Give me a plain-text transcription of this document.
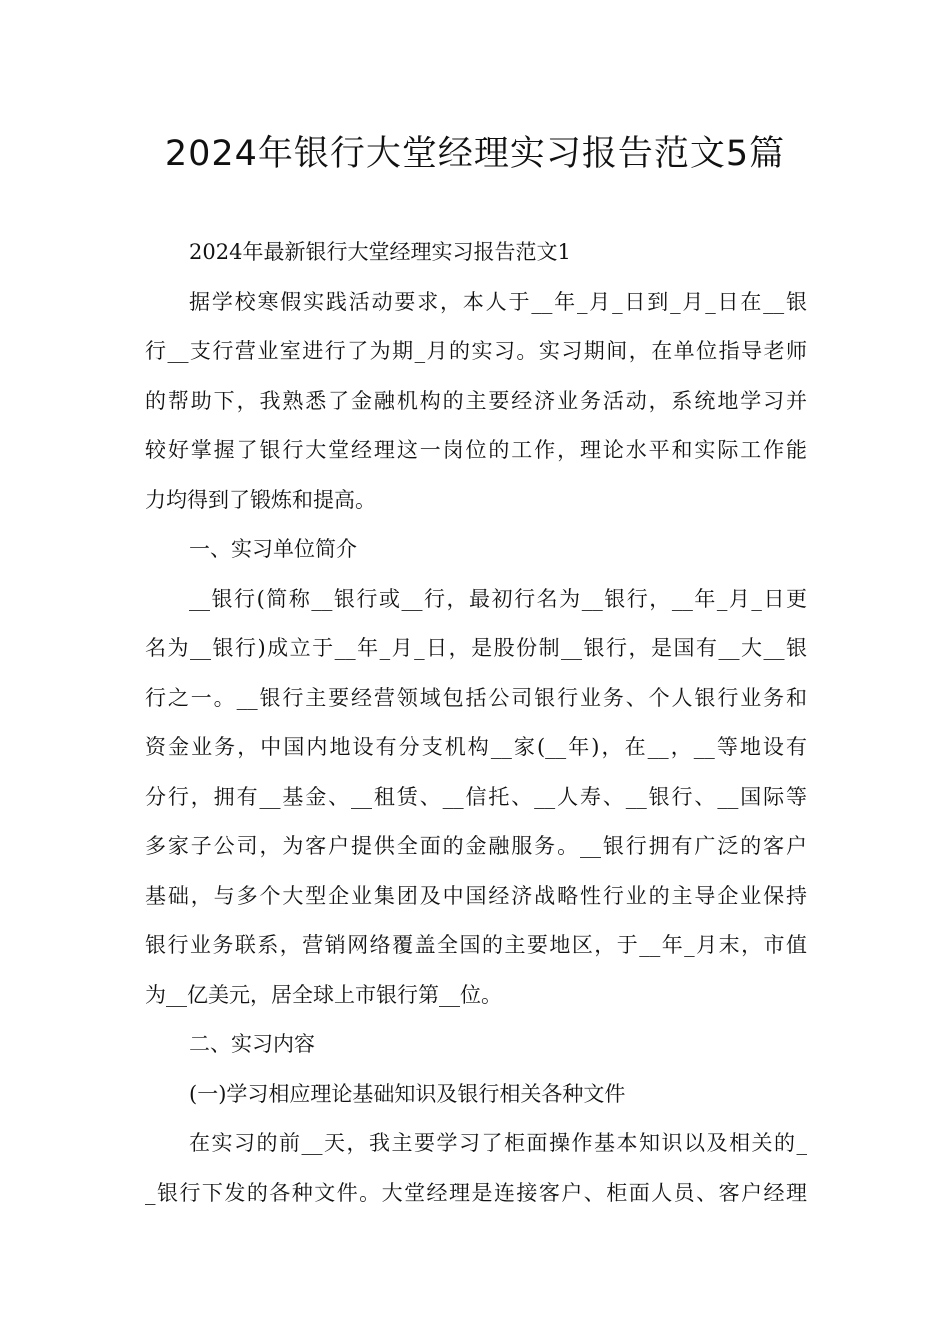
2024年银行大堂经理实习报告范文5篇
2024年最新银行大堂经理实习报告范文1
据学校寒假实践活动要求，本人于__年_月_日到_月_日在__银
行__支行营业室进行了为期_月的实习。实习期间，在单位指导老师
的帮助下，我熟悉了金融机构的主要经济业务活动，系统地学习并
较好掌握了银行大堂经理这一岗位的工作，理论水平和实际工作能
力均得到了锻炼和提高。
一、实习单位简介
__银行(简称__银行或__行，最初行名为__银行，__年_月_日更
名为__银行)成立于__年_月_日，是股份制__银行，是国有__大__银
行之一。__银行主要经营领域包括公司银行业务、个人银行业务和
资金业务，中国内地设有分支机构__家(__年)，在__，__等地设有
分行，拥有__基金、__租赁、__信托、__人寿、__银行、__国际等
多家子公司，为客户提供全面的金融服务。__银行拥有广泛的客户
基础，与多个大型企业集团及中国经济战略性行业的主导企业保持
银行业务联系，营销网络覆盖全国的主要地区，于__年_月末，市值
为__亿美元，居全球上市银行第__位。
二、实习内容
(一)学习相应理论基础知识及银行相关各种文件
在实习的前__天，我主要学习了柜面操作基本知识以及相关的_
_银行下发的各种文件。大堂经理是连接客户、柜面人员、客户经理
